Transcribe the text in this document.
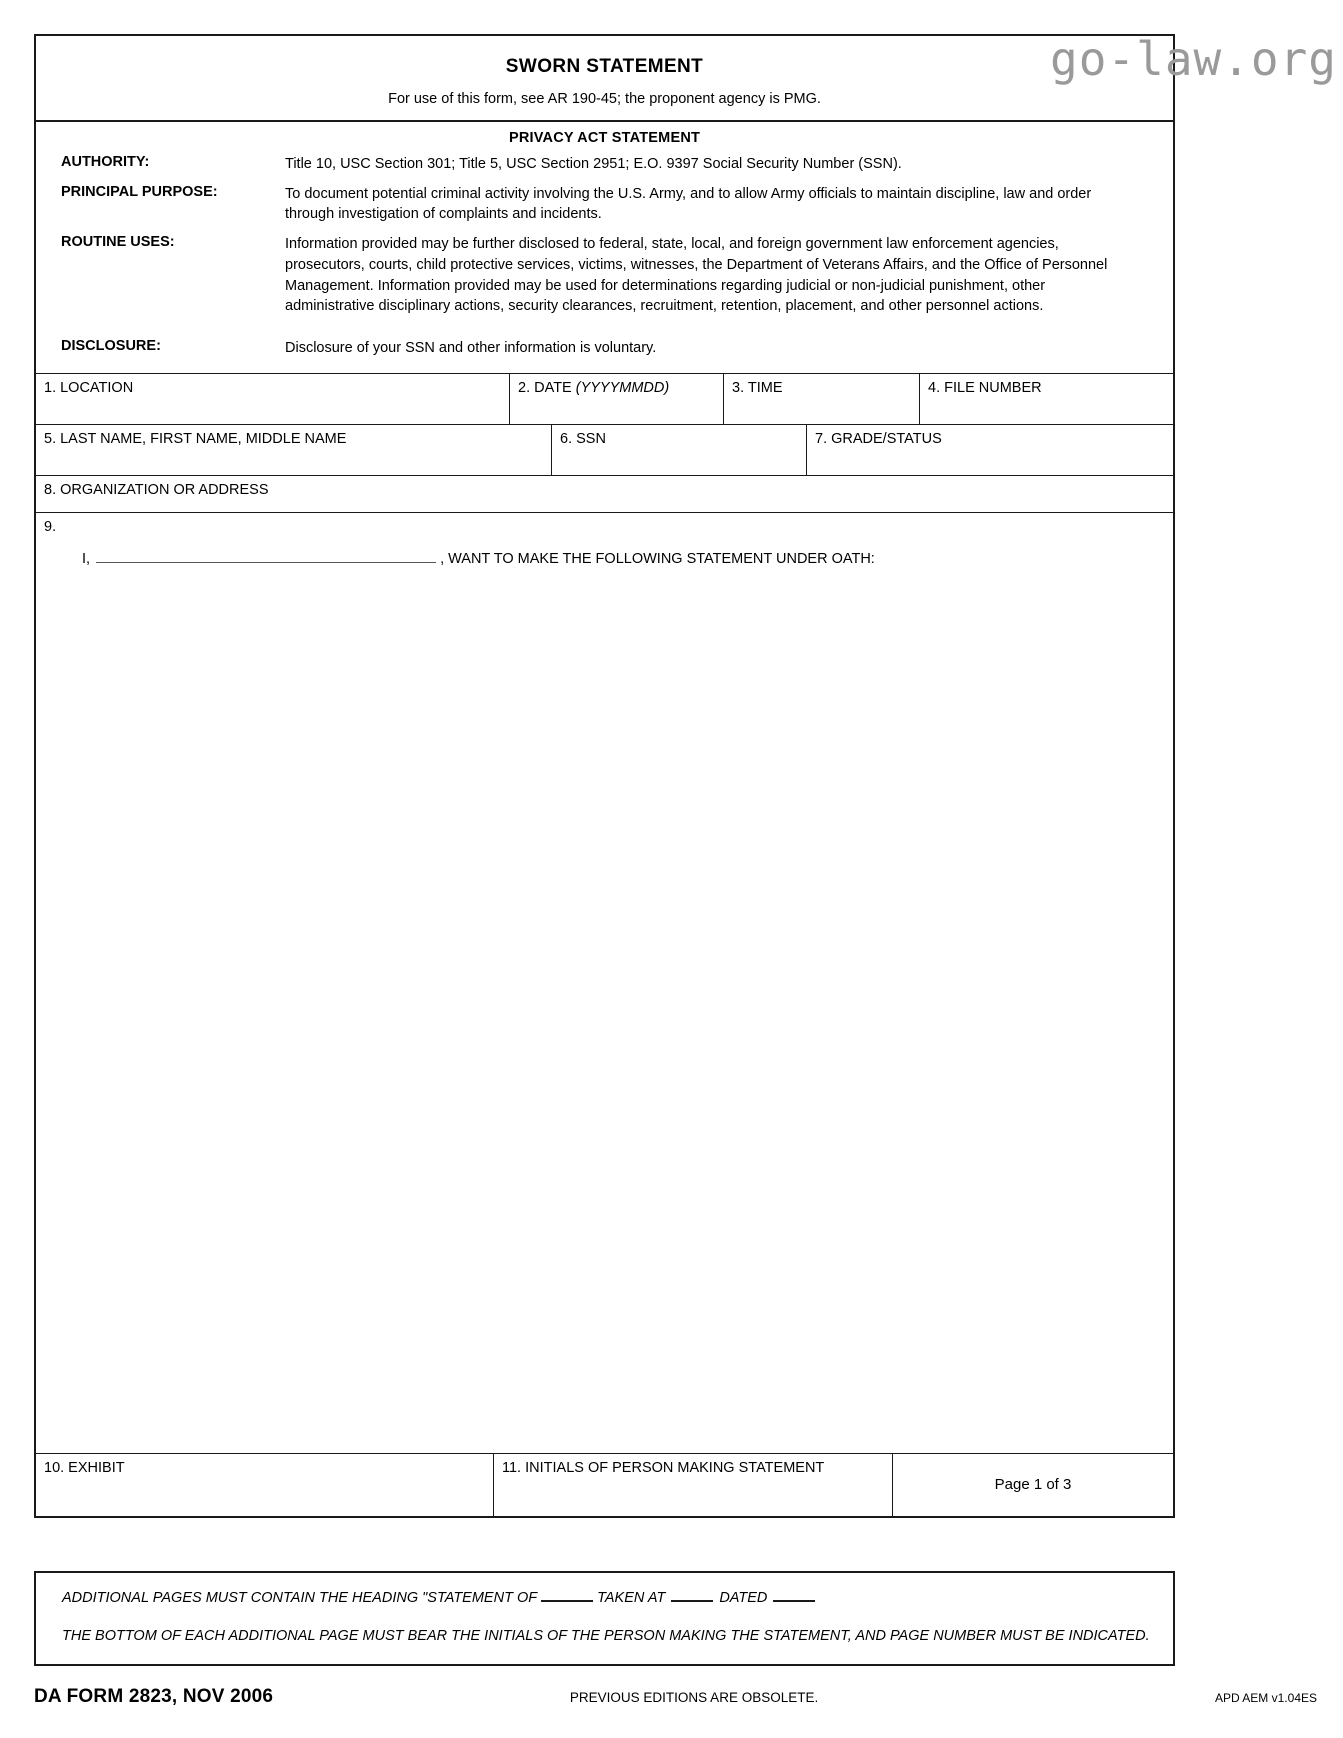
go-law.org
SWORN STATEMENT
For use of this form, see AR 190-45; the proponent agency is PMG.
PRIVACY ACT STATEMENT
AUTHORITY:	Title 10, USC Section 301; Title 5, USC Section 2951; E.O. 9397 Social Security Number (SSN).
PRINCIPAL PURPOSE:	To document potential criminal activity involving the U.S. Army, and to allow Army officials to maintain discipline, law and order through investigation of complaints and incidents.
ROUTINE USES:	Information provided may be further disclosed to federal, state, local, and foreign government law enforcement agencies, prosecutors, courts, child protective services, victims, witnesses, the Department of Veterans Affairs, and the Office of Personnel Management. Information provided may be used for determinations regarding judicial or non-judicial punishment, other administrative disciplinary actions, security clearances, recruitment, retention, placement, and other personnel actions.
DISCLOSURE:	Disclosure of your SSN and other information is voluntary.
1. LOCATION	2. DATE (YYYYMMDD)	3. TIME	4. FILE NUMBER
5. LAST NAME, FIRST NAME, MIDDLE NAME	6. SSN	7. GRADE/STATUS
8. ORGANIZATION OR ADDRESS
9.
I,	, WANT TO MAKE THE FOLLOWING STATEMENT UNDER OATH:
10. EXHIBIT	11. INITIALS OF PERSON MAKING STATEMENT
Page 1 of 3
ADDITIONAL PAGES MUST CONTAIN THE HEADING "STATEMENT OF	TAKEN AT	DATED
THE BOTTOM OF EACH ADDITIONAL PAGE MUST BEAR THE INITIALS OF THE PERSON MAKING THE STATEMENT, AND PAGE NUMBER MUST BE INDICATED.
DA FORM 2823, NOV 2006	PREVIOUS EDITIONS ARE OBSOLETE.	APD AEM v1.04ES
